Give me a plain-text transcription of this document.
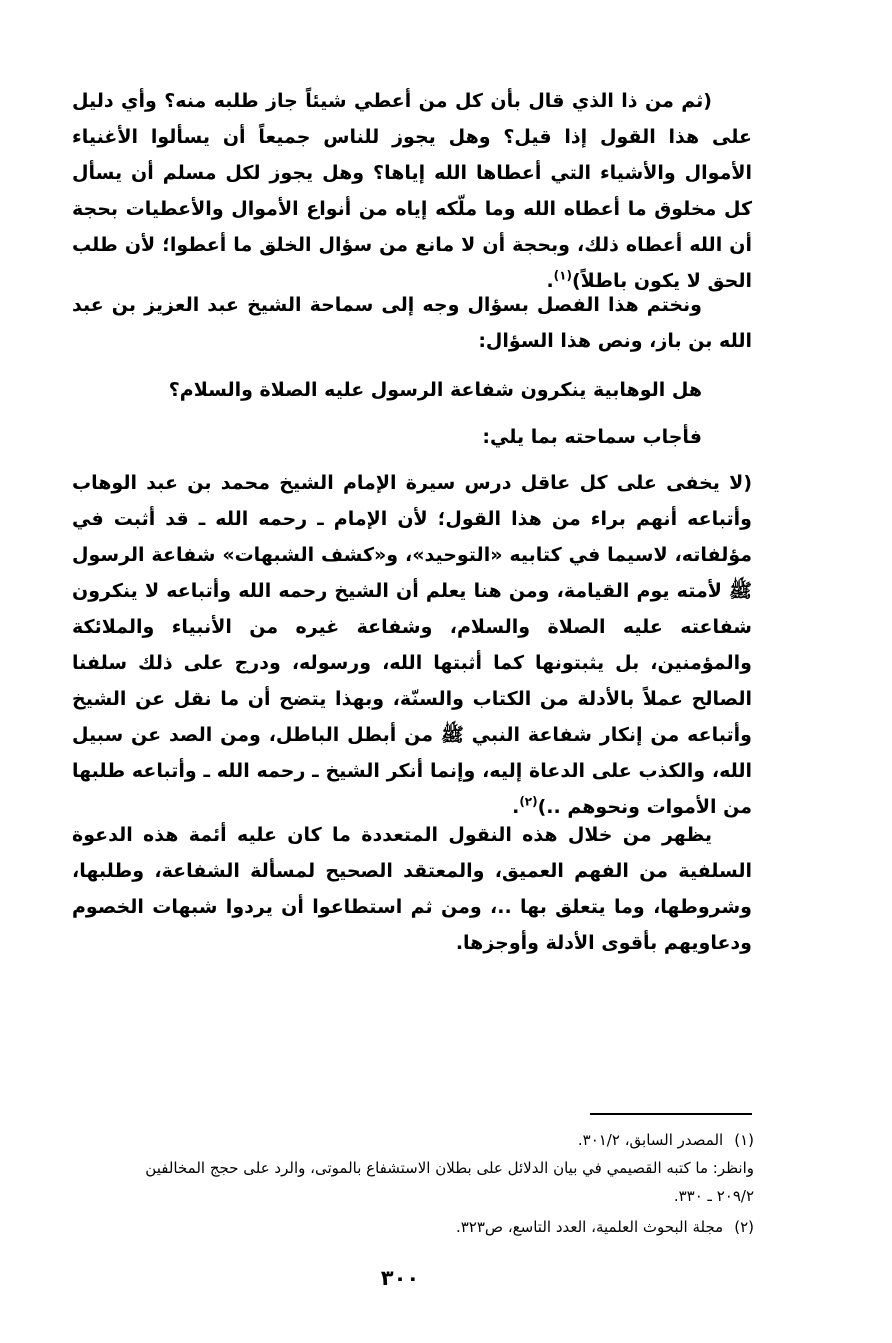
(ثم من ذا الذي قال بأن كل من أعطي شيئاً جاز طلبه منه؟ وأي دليل على هذا القول إذا قيل؟ وهل يجوز للناس جميعاً أن يسألوا الأغنياء الأموال والأشياء التي أعطاها الله إياها؟ وهل يجوز لكل مسلم أن يسأل كل مخلوق ما أعطاه الله وما ملّكه إياه من أنواع الأموال والأعطيات بحجة أن الله أعطاه ذلك، وبحجة أن لا مانع من سؤال الخلق ما أعطوا؛ لأن طلب الحق لا يكون باطلاً)$^{(١)}$.

ونختم هذا الفصل بسؤال وجه إلى سماحة الشيخ عبد العزيز بن عبد الله بن باز، ونص هذا السؤال:

هل الوهابية ينكرون شفاعة الرسول عليه الصلاة والسلام؟

فأجاب سماحته بما يلي:

(لا يخفى على كل عاقل درس سيرة الإمام الشيخ محمد بن عبد الوهاب وأتباعه أنهم براء من هذا القول؛ لأن الإمام ـ رحمه الله ـ قد أثبت في مؤلفاته، لاسيما في كتابيه «التوحيد»، و«كشف الشبهات» شفاعة الرسول ﷺ لأمته يوم القيامة، ومن هنا يعلم أن الشيخ رحمه الله وأتباعه لا ينكرون شفاعته عليه الصلاة والسلام، وشفاعة غيره من الأنبياء والملائكة والمؤمنين، بل يثبتونها كما أثبتها الله، ورسوله، ودرج على ذلك سلفنا الصالح عملاً بالأدلة من الكتاب والسنّة، وبهذا يتضح أن ما نقل عن الشيخ وأتباعه من إنكار شفاعة النبي ﷺ من أبطل الباطل، ومن الصد عن سبيل الله، والكذب على الدعاة إليه، وإنما أنكر الشيخ ـ رحمه الله ـ وأتباعه طلبها من الأموات ونحوهم ..)$^{(٢)}$.

يظهر من خلال هذه النقول المتعددة ما كان عليه أئمة هذه الدعوة السلفية من الفهم العميق، والمعتقد الصحيح لمسألة الشفاعة، وطلبها، وشروطها، وما يتعلق بها ..، ومن ثم استطاعوا أن يردوا شبهات الخصوم ودعاويهم بأقوى الأدلة وأوجزها.

(١) المصدر السابق، ٣٠١/٢.

وانظر: ما كتبه القصيمي في بيان الدلائل على بطلان الاستشفاع بالموتى، والرد على حجج المخالفين

٢٠٩/٢ ـ ٣٣٠.

(٢) مجلة البحوث العلمية، العدد التاسع، ص٣٢٣.

٣٠٠
